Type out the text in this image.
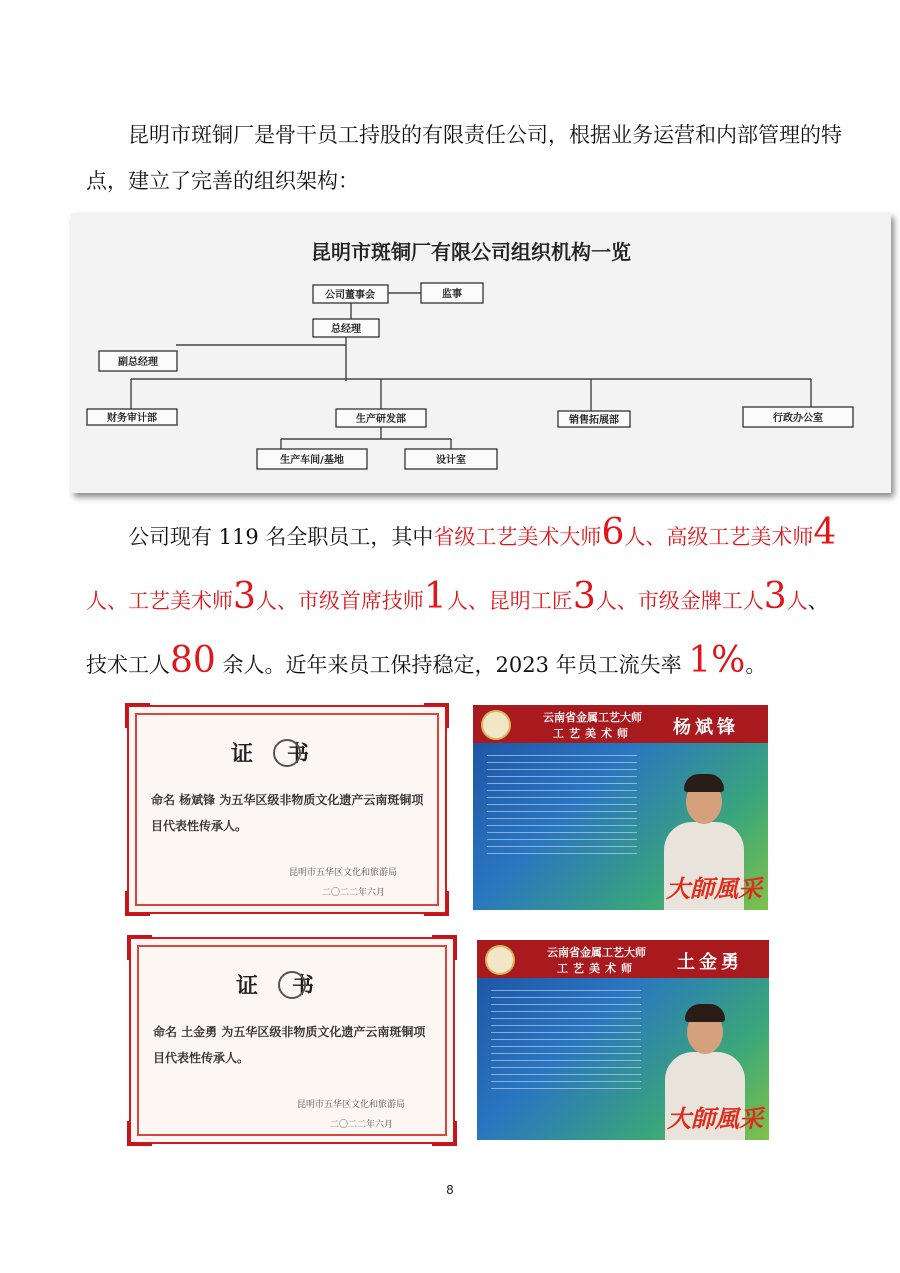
昆明市斑铜厂是骨干员工持股的有限责任公司，根据业务运营和内部管理的特点，建立了完善的组织架构：
昆明市斑铜厂有限公司组织机构一览
公司董事会	监事
总经理
副总经理
财务审计部	生产研发部	销售拓展部	行政办公室
生产车间/基地	设计室
公司现有 119 名全职员工，其中省级工艺美术大师6人、高级工艺美术师4人、工艺美术师3人、市级首席技师1人、昆明工匠3人、市级金牌工人3人、技术工人80 余人。近年来员工保持稳定，2023 年员工流失率 1%。
证书
命名 杨斌锋 为五华区级非物质文化遗产云南斑铜项目代表性传承人。
昆明市五华区文化和旅游局
二〇二二年六月
云南省金属工艺大师
工艺美术师 杨斌锋
大師風采
证书
命名 土金勇 为五华区级非物质文化遗产云南斑铜项目代表性传承人。
昆明市五华区文化和旅游局
二〇二二年六月
云南省金属工艺大师
工艺美术师 土金勇
大師風采
8
